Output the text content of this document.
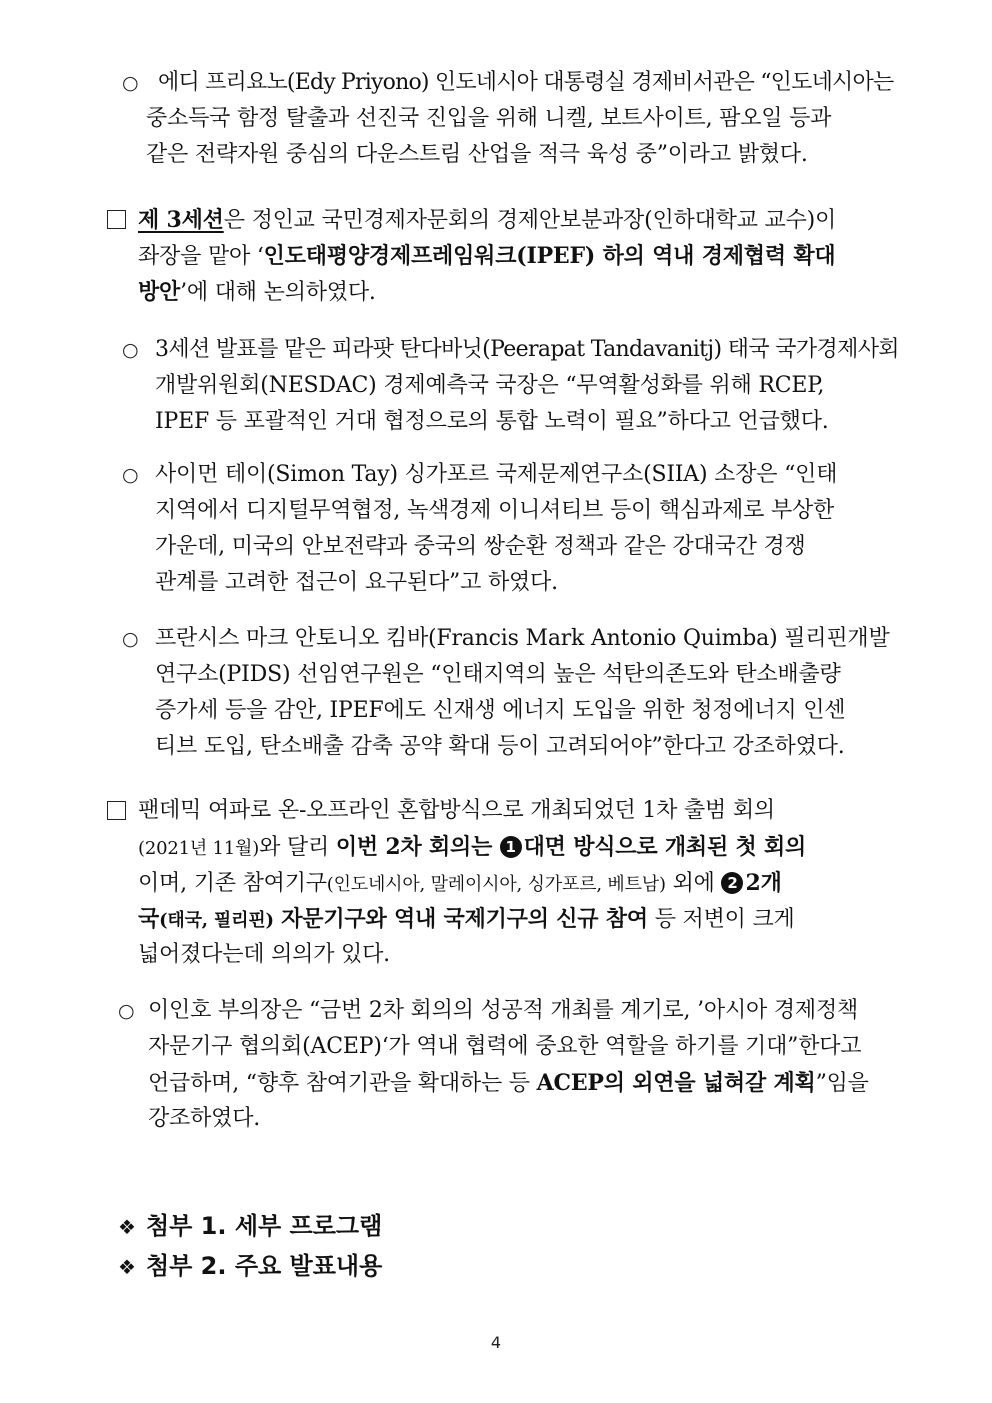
○ 에디 프리요노(Edy Priyono) 인도네시아 대통령실 경제비서관은 “인도네시아는
중소득국 함정 탈출과 선진국 진입을 위해 니켈, 보트사이트, 팜오일 등과
같은 전략자원 중심의 다운스트림 산업을 적극 육성 중”이라고 밝혔다.
제 3세션은 정인교 국민경제자문회의 경제안보분과장(인하대학교 교수)이
좌장을 맡아 ‘인도태평양경제프레임워크(IPEF) 하의 역내 경제협력 확대
방안’에 대해 논의하였다.
○ 3세션 발표를 맡은 피라팟 탄다바닛(Peerapat Tandavanitj) 태국 국가경제사회
개발위원회(NESDAC) 경제예측국 국장은 “무역활성화를 위해 RCEP,
IPEF 등 포괄적인 거대 협정으로의 통합 노력이 필요”하다고 언급했다.
○ 사이먼 테이(Simon Tay) 싱가포르 국제문제연구소(SIIA) 소장은 “인태
지역에서 디지털무역협정, 녹색경제 이니셔티브 등이 핵심과제로 부상한
가운데, 미국의 안보전략과 중국의 쌍순환 정책과 같은 강대국간 경쟁
관계를 고려한 접근이 요구된다”고 하였다.
○ 프란시스 마크 안토니오 킴바(Francis Mark Antonio Quimba) 필리핀개발
연구소(PIDS) 선임연구원은 “인태지역의 높은 석탄의존도와 탄소배출량
증가세 등을 감안, IPEF에도 신재생 에너지 도입을 위한 청정에너지 인센
티브 도입, 탄소배출 감축 공약 확대 등이 고려되어야”한다고 강조하였다.
팬데믹 여파로 온-오프라인 혼합방식으로 개최되었던 1차 출범 회의
(2021년 11월)와 달리 이번 2차 회의는 1 대면 방식으로 개최된 첫 회의
이며, 기존 참여기구(인도네시아, 말레이시아, 싱가포르, 베트남) 외에 2 2개
국(태국, 필리핀) 자문기구와 역내 국제기구의 신규 참여 등 저변이 크게
넓어졌다는데 의의가 있다.
○ 이인호 부의장은 “금번 2차 회의의 성공적 개최를 계기로, ’아시아 경제정책
자문기구 협의회(ACEP)‘가 역내 협력에 중요한 역할을 하기를 기대”한다고
언급하며, “향후 참여기관을 확대하는 등 ACEP의 외연을 넓혀갈 계획”임을
강조하였다.
❖ 첨부 1. 세부 프로그램
❖ 첨부 2. 주요 발표내용
4
